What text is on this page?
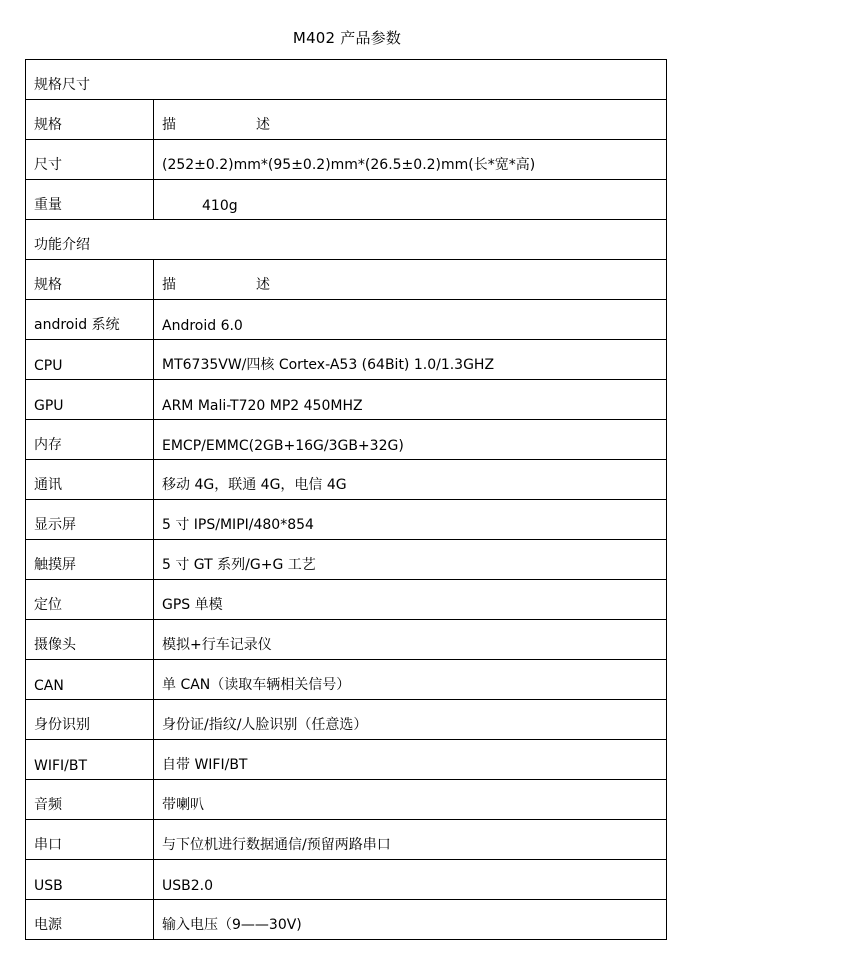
M402 产品参数
规格尺寸	
规格	描 述
尺寸	(252±0.2)mm*(95±0.2)mm*(26.5±0.2)mm(长*宽*高)
重量	410g
功能介绍	
规格	描 述
android 系统	Android 6.0
CPU	MT6735VW/四核 Cortex-A53 (64Bit) 1.0/1.3GHZ
GPU	ARM Mali-T720 MP2 450MHZ
内存	EMCP/EMMC(2GB+16G/3GB+32G)
通讯	移动 4G，联通 4G，电信 4G
显示屏	5 寸 IPS/MIPI/480*854
触摸屏	5 寸 GT 系列/G+G 工艺
定位	GPS 单模
摄像头	模拟+行车记录仪
CAN	单 CAN（读取车辆相关信号）
身份识别	身份证/指纹/人脸识别（任意选）
WIFI/BT	自带 WIFI/BT
音频	带喇叭
串口	与下位机进行数据通信/预留两路串口
USB	USB2.0
电源	输入电压（9——30V)
